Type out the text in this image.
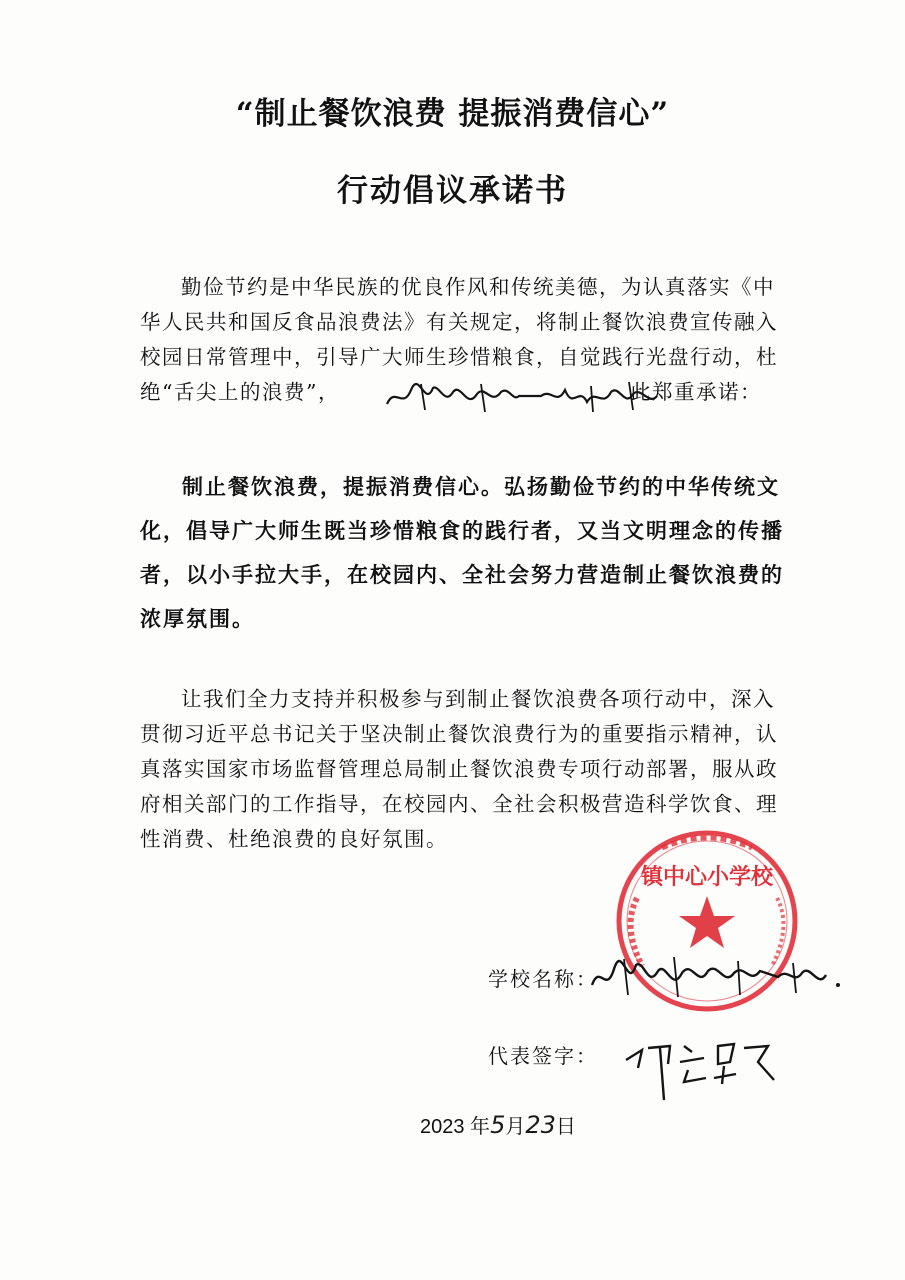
“制止餐饮浪费 提振消费信心”
行动倡议承诺书

勤俭节约是中华民族的优良作风和传统美德，为认真落实《中华人民共和国反食品浪费法》有关规定，将制止餐饮浪费宣传融入校园日常管理中，引导广大师生珍惜粮食，自觉践行光盘行动，杜绝“舌尖上的浪费”，	此郑重承诺：

制止餐饮浪费，提振消费信心。弘扬勤俭节约的中华传统文化，倡导广大师生既当珍惜粮食的践行者，又当文明理念的传播者，以小手拉大手，在校园内、全社会努力营造制止餐饮浪费的浓厚氛围。

让我们全力支持并积极参与到制止餐饮浪费各项行动中，深入贯彻习近平总书记关于坚决制止餐饮浪费行为的重要指示精神，认真落实国家市场监督管理总局制止餐饮浪费专项行动部署，服从政府相关部门的工作指导，在校园内、全社会积极营造科学饮食、理性消费、杜绝浪费的良好氛围。

镇中心小学校
学校名称：
代表签字：
2023 年5月23日
